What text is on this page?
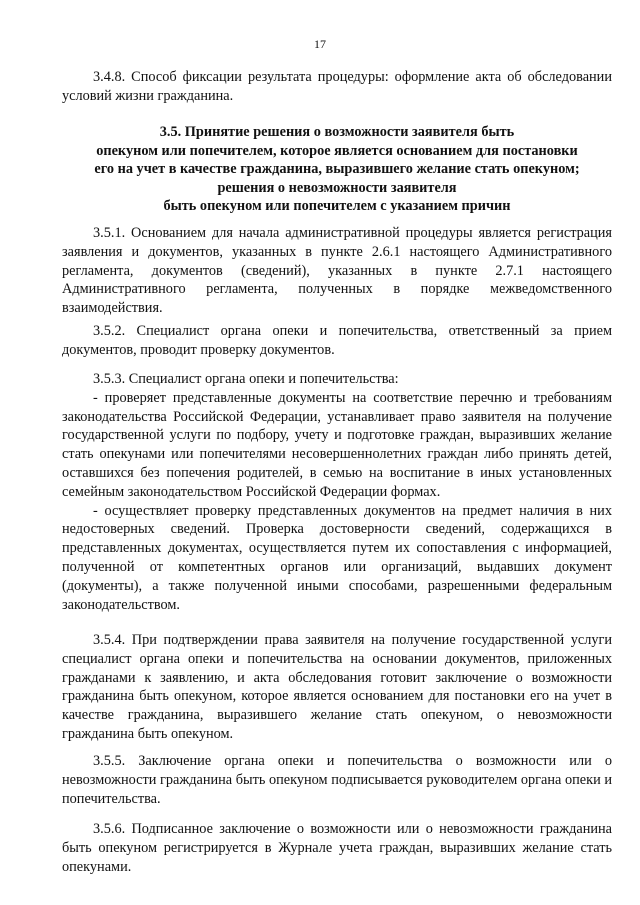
17

3.4.8. Способ фиксации результата процедуры: оформление акта об обследовании условий жизни гражданина.

3.5. Принятие решения о возможности заявителя быть
опекуном или попечителем, которое является основанием для постановки
его на учет в качестве гражданина, выразившего желание стать опекуном;
решения о невозможности заявителя
быть опекуном или попечителем с указанием причин

3.5.1. Основанием для начала административной процедуры является регистрация заявления и документов, указанных в пункте 2.6.1 настоящего Административного регламента, документов (сведений), указанных в пункте 2.7.1 настоящего Административного регламента, полученных в порядке межведомственного взаимодействия.

3.5.2. Специалист органа опеки и попечительства, ответственный за прием документов, проводит проверку документов.

3.5.3. Специалист органа опеки и попечительства:

- проверяет представленные документы на соответствие перечню и требованиям законодательства Российской Федерации, устанавливает право заявителя на получение государственной услуги по подбору, учету и подготовке граждан, выразивших желание стать опекунами или попечителями несовершеннолетних граждан либо принять детей, оставшихся без попечения родителей, в семью на воспитание в иных установленных семейным законодательством Российской Федерации формах.

- осуществляет проверку представленных документов на предмет наличия в них недостоверных сведений. Проверка достоверности сведений, содержащихся в представленных документах, осуществляется путем их сопоставления с информацией, полученной от компетентных органов или организаций, выдавших документ (документы), а также полученной иными способами, разрешенными федеральным законодательством.

3.5.4. При подтверждении права заявителя на получение государственной услуги специалист органа опеки и попечительства на основании документов, приложенных гражданами к заявлению, и акта обследования готовит заключение о возможности гражданина быть опекуном, которое является основанием для постановки его на учет в качестве гражданина, выразившего желание стать опекуном, о невозможности гражданина быть опекуном.

3.5.5. Заключение органа опеки и попечительства о возможности или о невозможности гражданина быть опекуном подписывается руководителем органа опеки и попечительства.

3.5.6. Подписанное заключение о возможности или о невозможности гражданина быть опекуном регистрируется в Журнале учета граждан, выразивших желание стать опекунами.
